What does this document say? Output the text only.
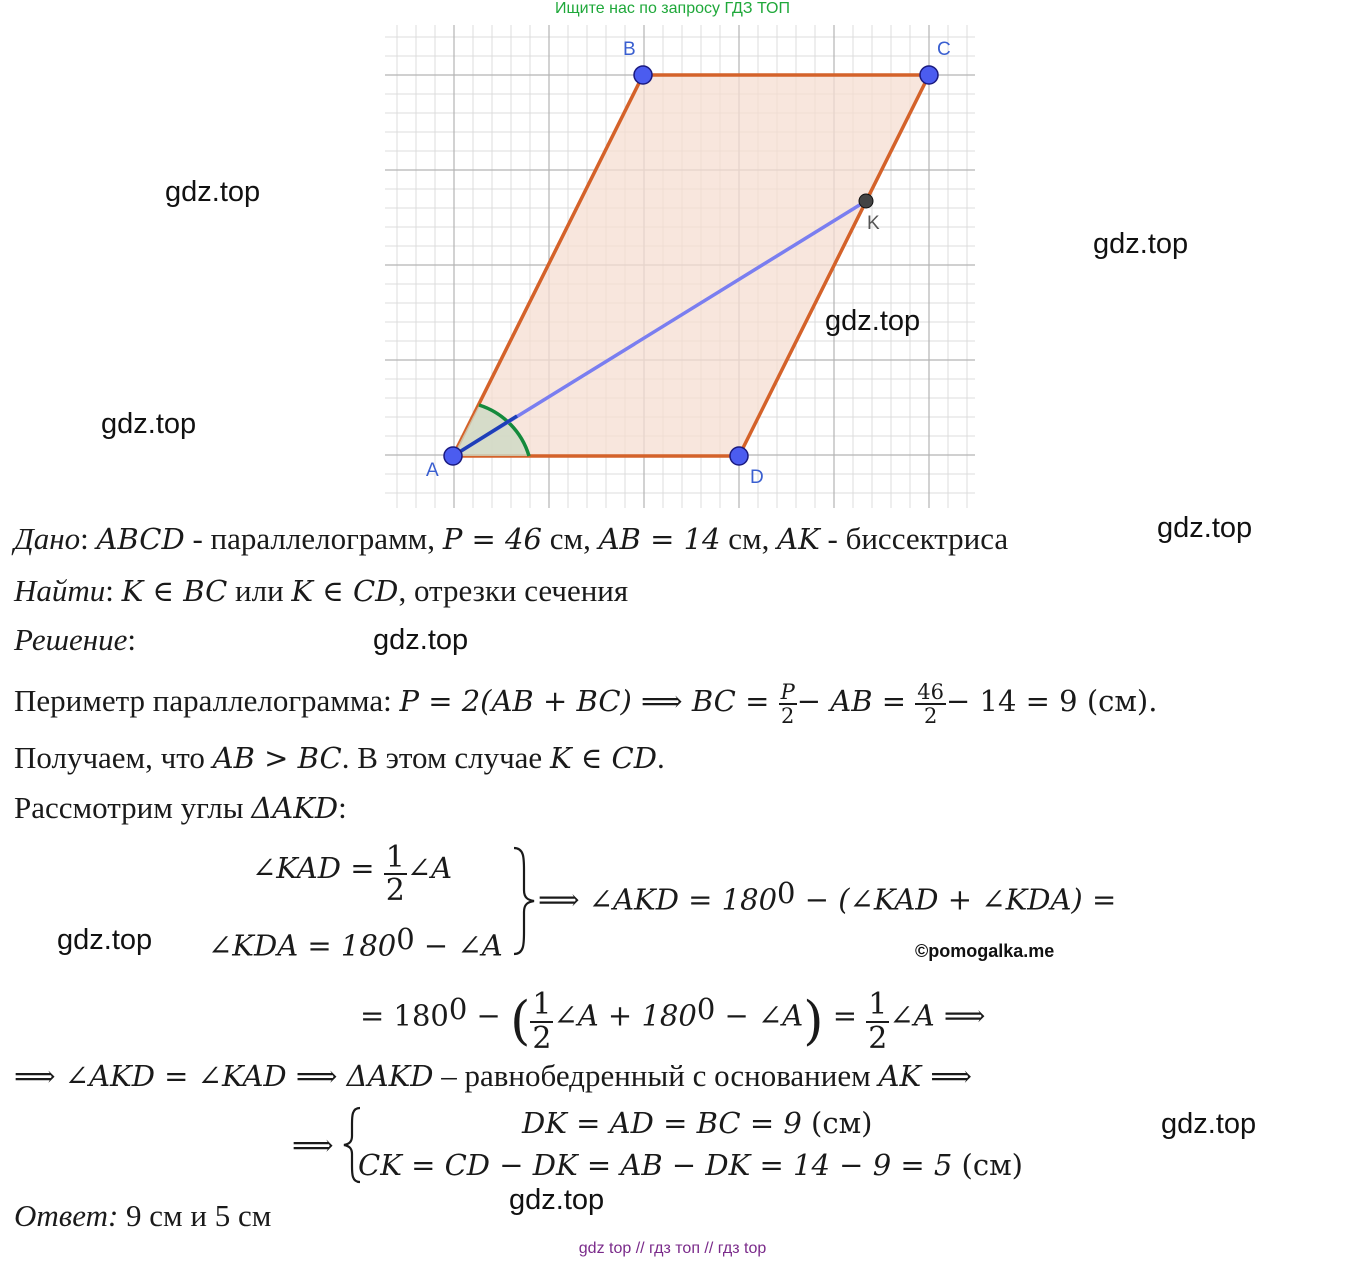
Ищите нас по запросу ГДЗ ТОП
A
B	C
D
K
gdz.top
gdz.top
gdz.top
gdz.top
gdz.top
gdz.top
gdz.top
gdz.top
gdz.top
©pomogalka.me
Дано: ABCD - параллелограмм, P = 46 см, AB = 14 см, AK - биссектриса
Найти: K ∈ BC или K ∈ CD, отрезки сечения
Решение:
Периметр параллелограмма: P = 2(AB + BC) ⟹ BC = $\frac{P}{2}$ − AB = $\frac{46}{2} - 14 = 9$ (см).
Получаем, что AB > BC. В этом случае K ∈ CD.
Рассмотрим углы ΔAKD:
∠KAD = $\frac{1}{2}$ ∠A
∠KDA = $180^0$ − ∠A
⟹ ∠AKD = $180^0$ − (∠KAD + ∠KDA) =
= $180^0$ − ( $\frac{1}{2}$ ∠A + $180^0$ − ∠A) = $\frac{1}{2}$ ∠A ⟹
⟹ ∠AKD = ∠KAD ⟹ ΔAKD – равнобедренный с основанием AK ⟹
⟹
DK = AD = BC = 9 (см)
CK = CD − DK = AB − DK = 14 − 9 = 5 (см)
Ответ: 9 см и 5 см
gdz top // гдз топ // гдз top
